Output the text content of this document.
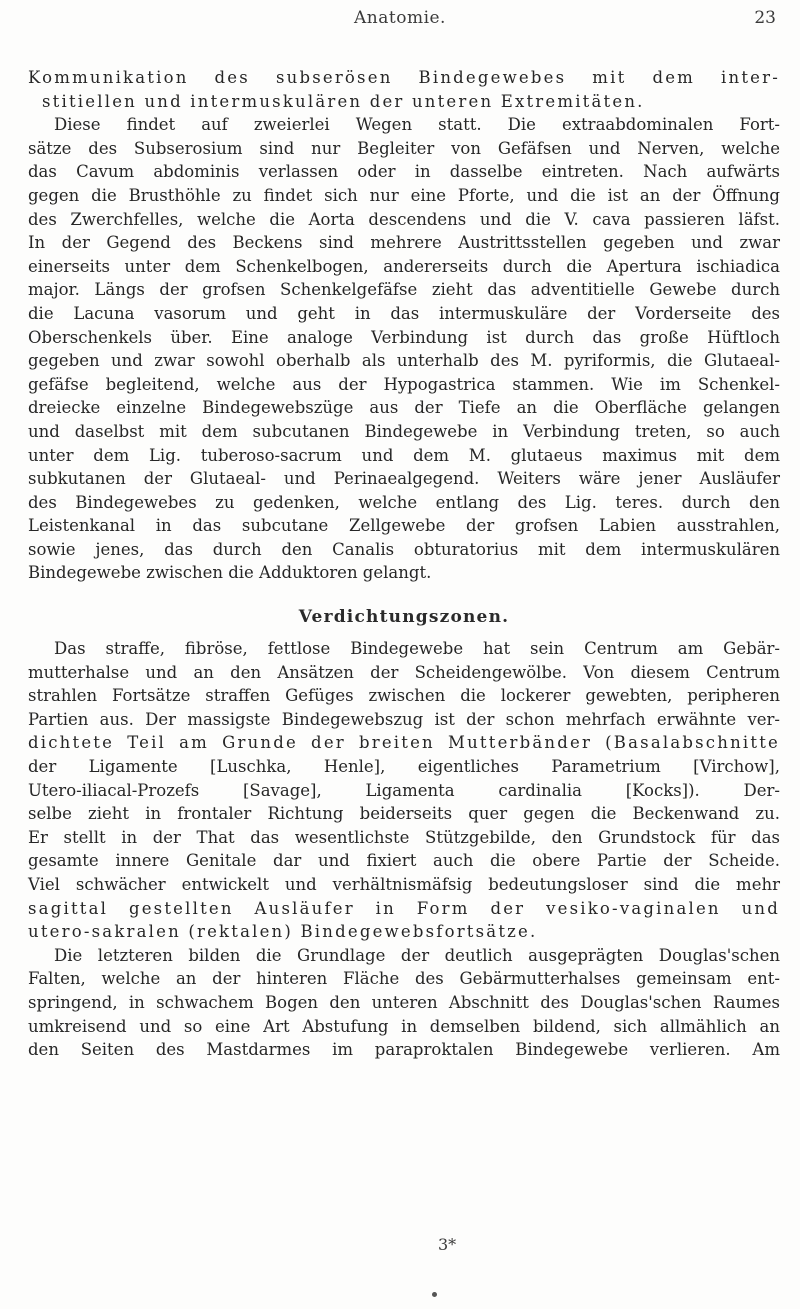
Anatomie.	23
Kommunikation des subserösen Bindegewebes mit dem inter-
stitiellen und intermuskulären der unteren Extremitäten.
Diese findet auf zweierlei Wegen statt. Die extraabdominalen Fort-
sätze des Subserosium sind nur Begleiter von Gefäfsen und Nerven, welche
das Cavum abdominis verlassen oder in dasselbe eintreten. Nach aufwärts
gegen die Brusthöhle zu findet sich nur eine Pforte, und die ist an der Öffnung
des Zwerchfelles, welche die Aorta descendens und die V. cava passieren läfst.
In der Gegend des Beckens sind mehrere Austrittsstellen gegeben und zwar
einerseits unter dem Schenkelbogen, andererseits durch die Apertura ischiadica
major. Längs der grofsen Schenkelgefäfse zieht das adventitielle Gewebe durch
die Lacuna vasorum und geht in das intermuskuläre der Vorderseite des
Oberschenkels über. Eine analoge Verbindung ist durch das große Hüftloch
gegeben und zwar sowohl oberhalb als unterhalb des M. pyriformis, die Glutaeal-
gefäfse begleitend, welche aus der Hypogastrica stammen. Wie im Schenkel-
dreiecke einzelne Bindegewebszüge aus der Tiefe an die Oberfläche gelangen
und daselbst mit dem subcutanen Bindegewebe in Verbindung treten, so auch
unter dem Lig. tuberoso-sacrum und dem M. glutaeus maximus mit dem
subkutanen der Glutaeal- und Perinaealgegend. Weiters wäre jener Ausläufer
des Bindegewebes zu gedenken, welche entlang des Lig. teres. durch den
Leistenkanal in das subcutane Zellgewebe der grofsen Labien ausstrahlen,
sowie jenes, das durch den Canalis obturatorius mit dem intermuskulären
Bindegewebe zwischen die Adduktoren gelangt.
Verdichtungszonen.
Das straffe, fibröse, fettlose Bindegewebe hat sein Centrum am Gebär-
mutterhalse und an den Ansätzen der Scheidengewölbe. Von diesem Centrum
strahlen Fortsätze straffen Gefüges zwischen die lockerer gewebten, peripheren
Partien aus. Der massigste Bindegewebszug ist der schon mehrfach erwähnte ver-
dichtete Teil am Grunde der breiten Mutterbänder (Basalabschnitte
der Ligamente [Luschka, Henle], eigentliches Parametrium [Virchow],
Utero-iliacal-Prozefs [Savage], Ligamenta cardinalia [Kocks]). Der-
selbe zieht in frontaler Richtung beiderseits quer gegen die Beckenwand zu.
Er stellt in der That das wesentlichste Stützgebilde, den Grundstock für das
gesamte innere Genitale dar und fixiert auch die obere Partie der Scheide.
Viel schwächer entwickelt und verhältnismäfsig bedeutungsloser sind die mehr
sagittal gestellten Ausläufer in Form der vesiko-vaginalen und
utero-sakralen (rektalen) Bindegewebsfortsätze.
Die letzteren bilden die Grundlage der deutlich ausgeprägten Douglas'schen
Falten, welche an der hinteren Fläche des Gebärmutterhalses gemeinsam ent-
springend, in schwachem Bogen den unteren Abschnitt des Douglas'schen Raumes
umkreisend und so eine Art Abstufung in demselben bildend, sich allmählich an
den Seiten des Mastdarmes im paraproktalen Bindegewebe verlieren. Am
3*
